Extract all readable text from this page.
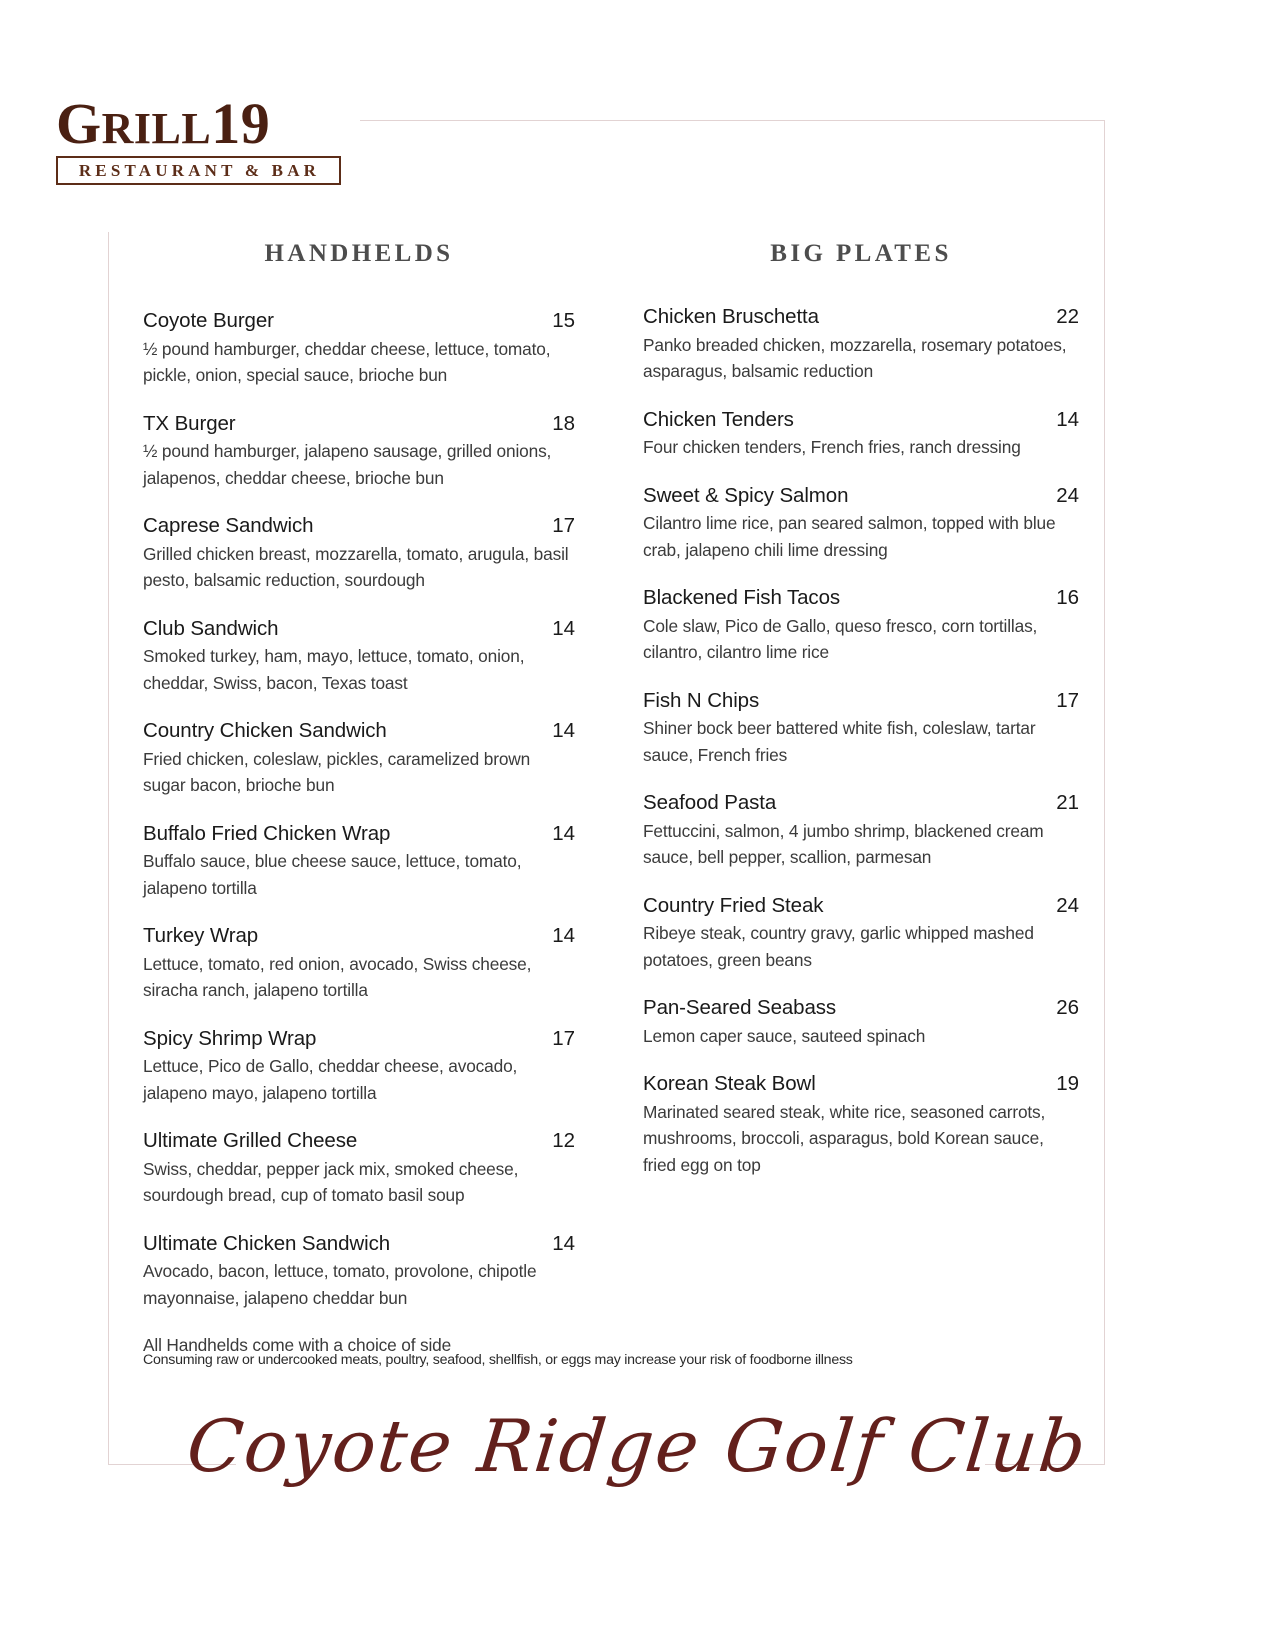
GRILL19
RESTAURANT & BAR
HANDHELDS
Coyote Burger	15
½ pound hamburger, cheddar cheese, lettuce, tomato, pickle, onion, special sauce, brioche bun
TX Burger	18
½ pound hamburger, jalapeno sausage, grilled onions, jalapenos, cheddar cheese, brioche bun
Caprese Sandwich	17
Grilled chicken breast, mozzarella, tomato, arugula, basil pesto, balsamic reduction, sourdough
Club Sandwich	14
Smoked turkey, ham, mayo, lettuce, tomato, onion, cheddar, Swiss, bacon, Texas toast
Country Chicken Sandwich	14
Fried chicken, coleslaw, pickles, caramelized brown sugar bacon, brioche bun
Buffalo Fried Chicken Wrap	14
Buffalo sauce, blue cheese sauce, lettuce, tomato, jalapeno tortilla
Turkey Wrap	14
Lettuce, tomato, red onion, avocado, Swiss cheese, siracha ranch, jalapeno tortilla
Spicy Shrimp Wrap	17
Lettuce, Pico de Gallo, cheddar cheese, avocado, jalapeno mayo, jalapeno tortilla
Ultimate Grilled Cheese	12
Swiss, cheddar, pepper jack mix, smoked cheese, sourdough bread, cup of tomato basil soup
Ultimate Chicken Sandwich	14
Avocado, bacon, lettuce, tomato, provolone, chipotle mayonnaise, jalapeno cheddar bun
All Handhelds come with a choice of side
BIG PLATES
Chicken Bruschetta	22
Panko breaded chicken, mozzarella, rosemary potatoes, asparagus, balsamic reduction
Chicken Tenders	14
Four chicken tenders, French fries, ranch dressing
Sweet & Spicy Salmon	24
Cilantro lime rice, pan seared salmon, topped with blue crab, jalapeno chili lime dressing
Blackened Fish Tacos	16
Cole slaw, Pico de Gallo, queso fresco, corn tortillas, cilantro, cilantro lime rice
Fish N Chips	17
Shiner bock beer battered white fish, coleslaw, tartar sauce, French fries
Seafood Pasta	21
Fettuccini, salmon, 4 jumbo shrimp, blackened cream sauce, bell pepper, scallion, parmesan
Country Fried Steak	24
Ribeye steak, country gravy, garlic whipped mashed potatoes, green beans
Pan-Seared Seabass	26
Lemon caper sauce, sauteed spinach
Korean Steak Bowl	19
Marinated seared steak, white rice, seasoned carrots, mushrooms, broccoli, asparagus, bold Korean sauce, fried egg on top
Consuming raw or undercooked meats, poultry, seafood, shellfish, or eggs may increase your risk of foodborne illness
Coyote Ridge Golf Club
